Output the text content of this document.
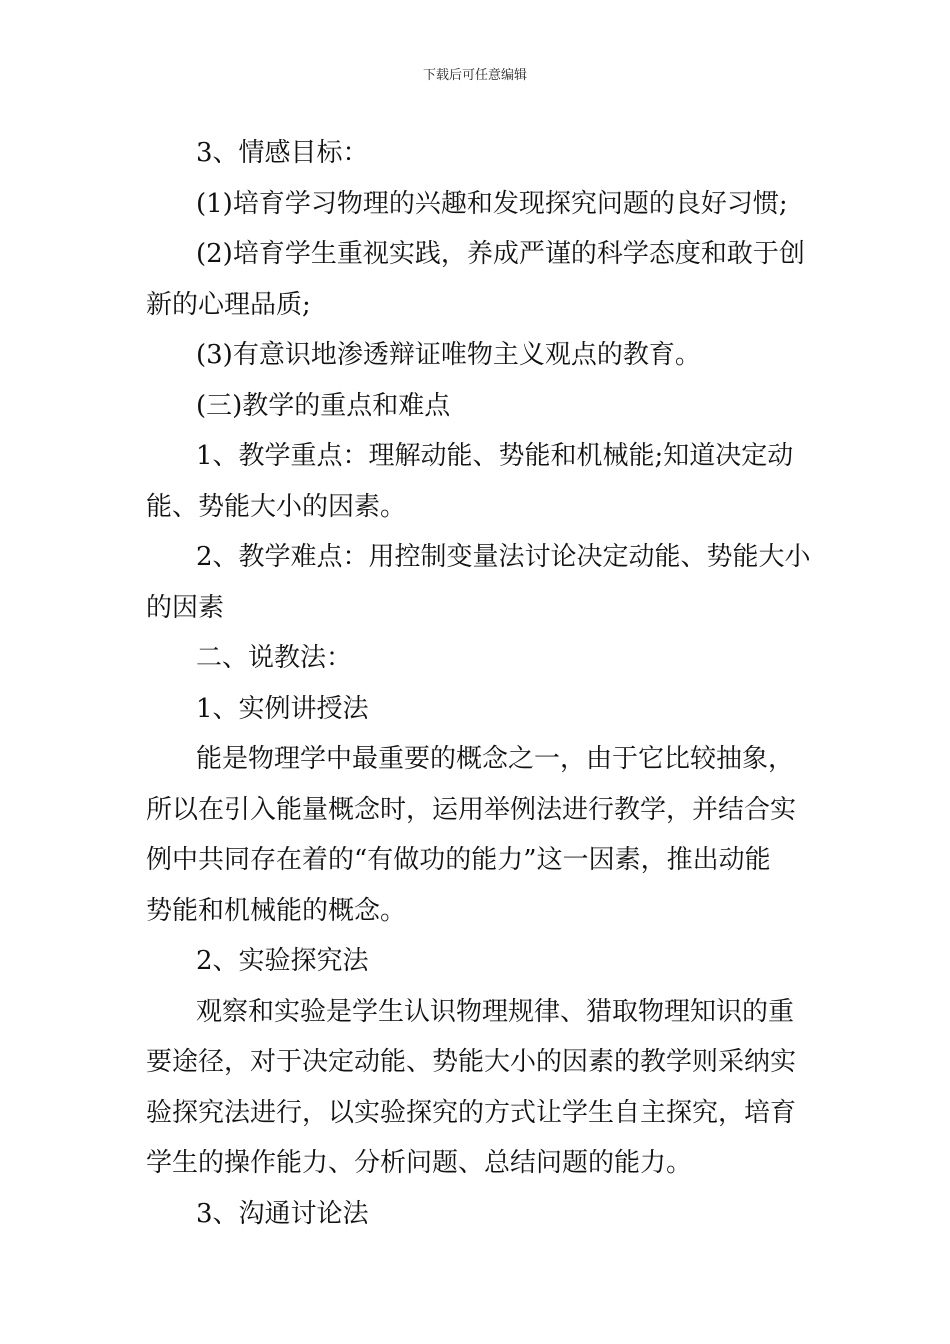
下载后可任意编辑

3、情感目标：

(1)培育学习物理的兴趣和发现探究问题的良好习惯;

(2)培育学生重视实践，养成严谨的科学态度和敢于创

新的心理品质;

(3)有意识地渗透辩证唯物主义观点的教育。

(三)教学的重点和难点

1、教学重点：理解动能、势能和机械能;知道决定动

能、势能大小的因素。

2、教学难点：用控制变量法讨论决定动能、势能大小

的因素

二、说教法：

1、实例讲授法

能是物理学中最重要的概念之一，由于它比较抽象，

所以在引入能量概念时，运用举例法进行教学，并结合实

例中共同存在着的“有做功的能力”这一因素，推出动能

势能和机械能的概念。

2、实验探究法

观察和实验是学生认识物理规律、猎取物理知识的重

要途径，对于决定动能、势能大小的因素的教学则采纳实

验探究法进行，以实验探究的方式让学生自主探究，培育

学生的操作能力、分析问题、总结问题的能力。

3、沟通讨论法
